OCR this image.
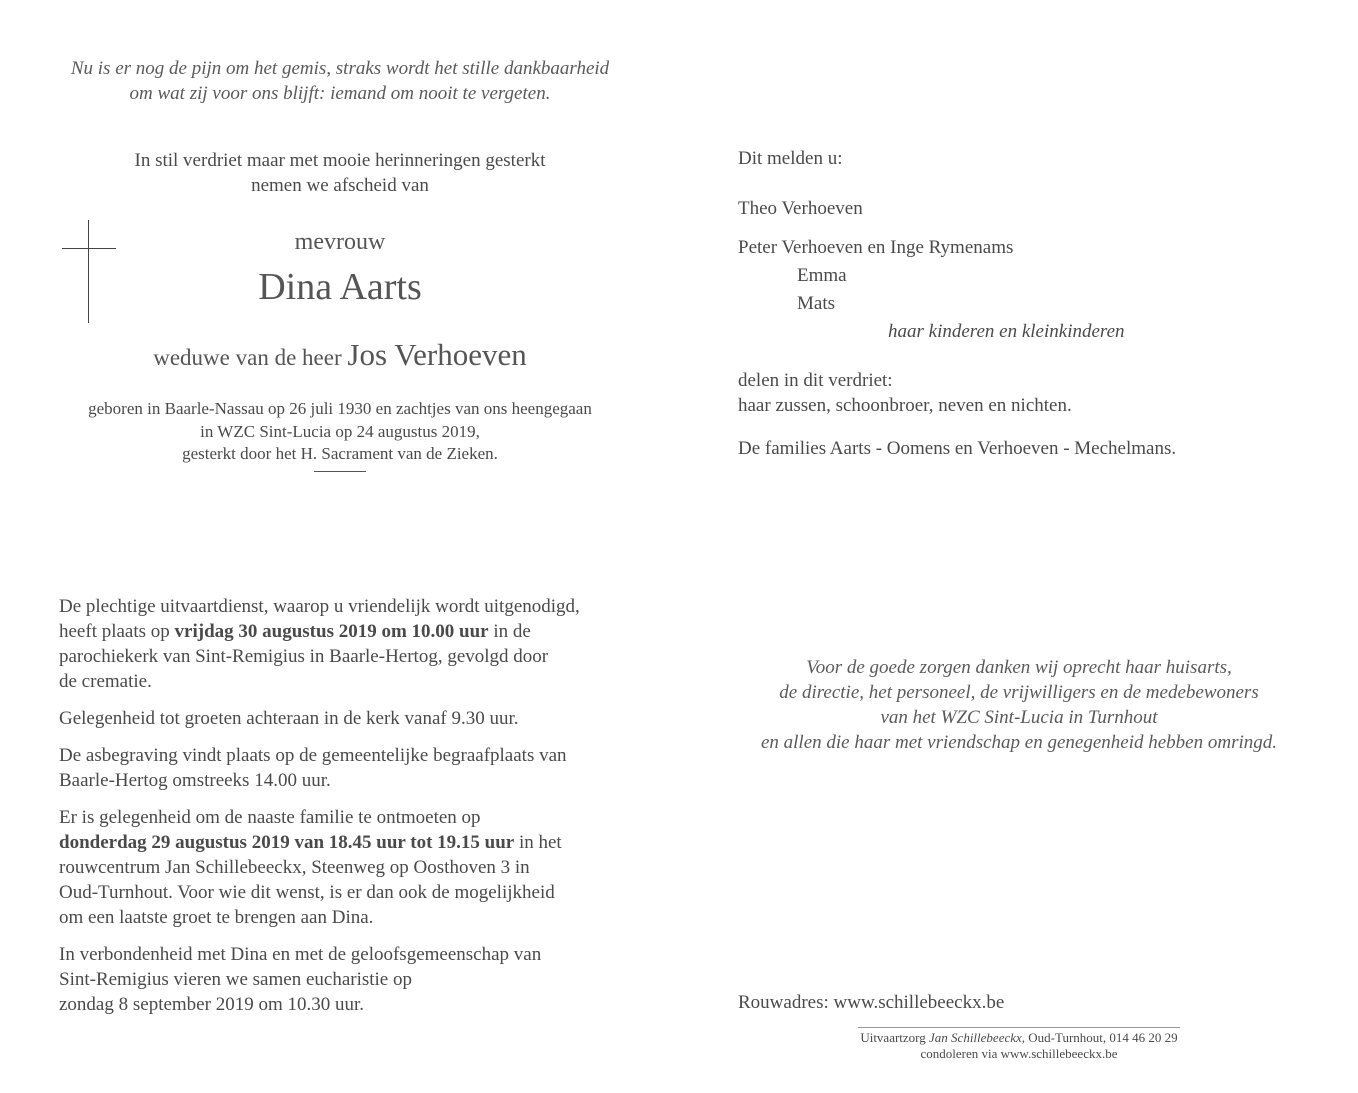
Nu is er nog de pijn om het gemis, straks wordt het stille dankbaarheid
om wat zij voor ons blijft: iemand om nooit te vergeten.
In stil verdriet maar met mooie herinneringen gesterkt
nemen we afscheid van
mevrouw
Dina Aarts
weduwe van de heer Jos Verhoeven
geboren in Baarle-Nassau op 26 juli 1930 en zachtjes van ons heengegaan
in WZC Sint-Lucia op 24 augustus 2019,
gesterkt door het H. Sacrament van de Zieken.
Dit melden u:
Theo Verhoeven
Peter Verhoeven en Inge Rymenams
Emma
Mats
haar kinderen en kleinkinderen
delen in dit verdriet:
haar zussen, schoonbroer, neven en nichten.
De families Aarts - Oomens en Verhoeven - Mechelmans.

De plechtige uitvaartdienst, waarop u vriendelijk wordt uitgenodigd,
heeft plaats op vrijdag 30 augustus 2019 om 10.00 uur in de
parochiekerk van Sint-Remigius in Baarle-Hertog, gevolgd door
de crematie.

Gelegenheid tot groeten achteraan in de kerk vanaf 9.30 uur.

De asbegraving vindt plaats op de gemeentelijke begraafplaats van
Baarle-Hertog omstreeks 14.00 uur.

Er is gelegenheid om de naaste familie te ontmoeten op
donderdag 29 augustus 2019 van 18.45 uur tot 19.15 uur in het
rouwcentrum Jan Schillebeeckx, Steenweg op Oosthoven 3 in
Oud-Turnhout. Voor wie dit wenst, is er dan ook de mogelijkheid
om een laatste groet te brengen aan Dina.

In verbondenheid met Dina en met de geloofsgemeenschap van
Sint-Remigius vieren we samen eucharistie op
zondag 8 september 2019 om 10.30 uur.

Voor de goede zorgen danken wij oprecht haar huisarts,
de directie, het personeel, de vrijwilligers en de medebewoners
van het WZC Sint-Lucia in Turnhout
en allen die haar met vriendschap en genegenheid hebben omringd.
Rouwadres: www.schillebeeckx.be
Uitvaartzorg Jan Schillebeeckx, Oud-Turnhout, 014 46 20 29
condoleren via www.schillebeeckx.be
